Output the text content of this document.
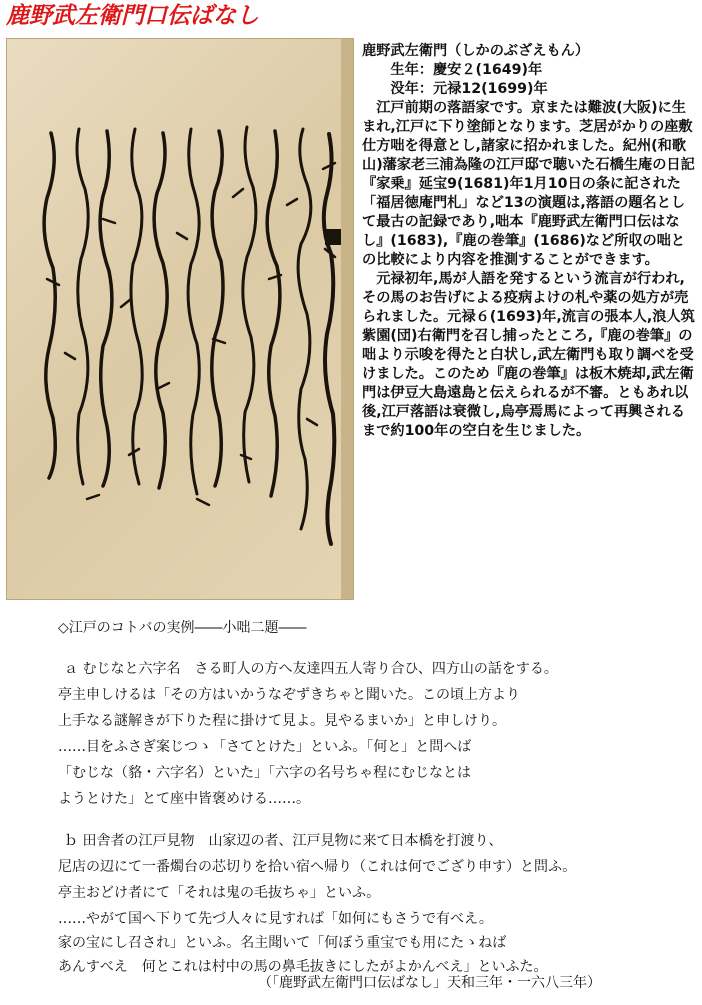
鹿野武左衛門口伝ばなし

鹿野武左衛門（しかのぶざえもん）

生年：慶安２(1649)年

没年：元禄12(1699)年

江戸前期の落語家です。京または難波(大阪)に生まれ,江戸に下り塗師となります。芝居がかりの座敷仕方咄を得意とし,諸家に招かれました。紀州(和歌山)藩家老三浦為隆の江戸邸で聴いた石橋生庵の日記『家乗』延宝9(1681)年1月10日の条に記された「福居徳庵門札」など13の演題は,落語の題名として最古の記録であり,咄本『鹿野武左衛門口伝はなし』(1683),『鹿の巻筆』(1686)など所収の咄との比較により内容を推測することができます。

元禄初年,馬が人語を発するという流言が行われ,その馬のお告げによる疫病よけの札や薬の処方が売られました。元禄６(1693)年,流言の張本人,浪人筑紫園(団)右衛門を召し捕ったところ,『鹿の巻筆』の咄より示唆を得たと白状し,武左衛門も取り調べを受けました。このため『鹿の巻筆』は板木焼却,武左衛門は伊豆大島遠島と伝えられるが不審。ともあれ以後,江戸落語は衰微し,烏亭焉馬によって再興されるまで約100年の空白を生じました。

◇江戸のコトバの実例――小咄二題――
ａ むじなと六字名　さる町人の方へ友達四五人寄り合ひ、四方山の話をする。
亭主申しけるは「その方はいかうなぞずきちゃと聞いた。この頃上方より
上手なる謎解きが下りた程に掛けて見よ。見やるまいか」と申しけり。
……目をふさぎ案じつゝ「さてとけた」といふ。「何と」と問へば
「むじな（貉・六字名）といた」「六字の名号ちゃ程にむじなとは
ようとけた」とて座中皆褒めける……。
ｂ 田舎者の江戸見物　山家辺の者、江戸見物に来て日本橋を打渡り、
尼店の辺にて一番燭台の芯切りを拾い宿へ帰り（これは何でござり申す）と問ふ。
亭主おどけ者にて「それは鬼の毛抜ちゃ」といふ。
……やがて国へ下りて先づ人々に見すれば「如何にもさうで有べえ。
家の宝にし召され」といふ。名主聞いて「何ぼう重宝でも用にたゝねば
あんすべえ　何とこれは村中の馬の鼻毛抜きにしたがよかんべえ」といふた。
（「鹿野武左衛門口伝ばなし」天和三年・一六八三年）
